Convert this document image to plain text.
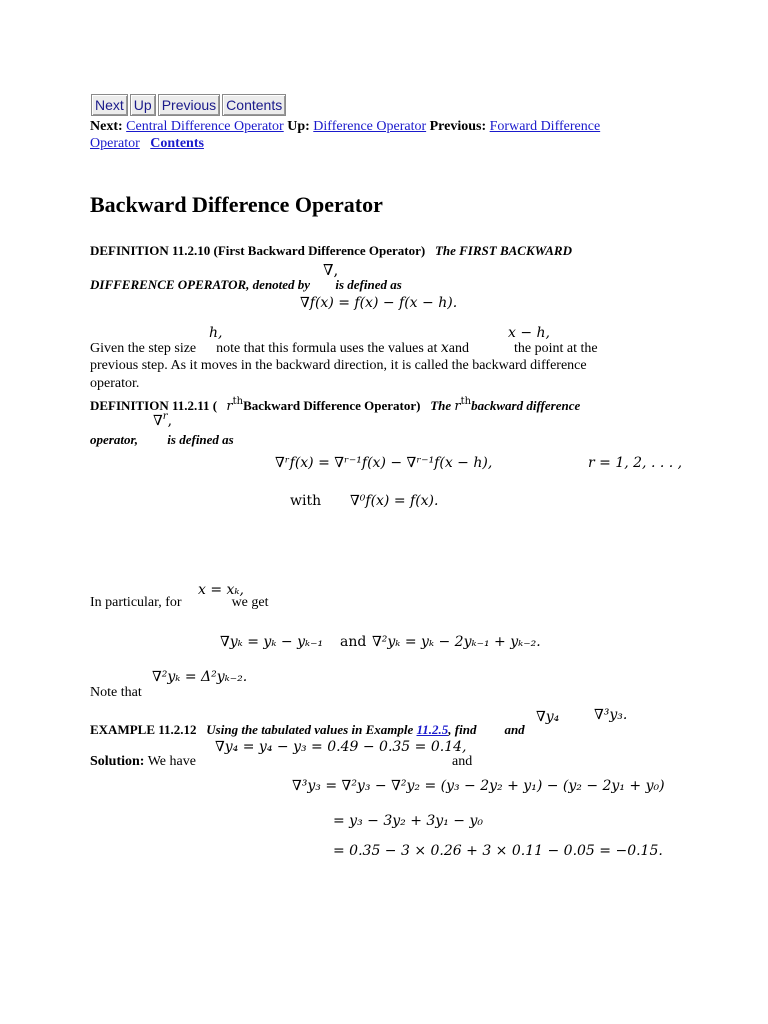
Next Up Previous Contents
Next: Central Difference Operator Up: Difference Operator Previous: Forward Difference
Operator Contents
Backward Difference Operator
DEFINITION 11.2.10 (First Backward Difference Operator) The FIRST BACKWARD
∇,
DIFFERENCE OPERATOR, denoted by is defined as
∇f(x) = f(x) − f(x − h).
h,	x − h,
Given the step size note that this formula uses the values at xand	the point at the
previous step. As it moves in the backward direction, it is called the backward difference
operator.
DEFINITION 11.2.11 ( $r^{th}Backward$ Difference Operator) The $r^{th}backward$ difference
∇$^r$,
operator, is defined as
∇ʳf(x) = ∇ʳ⁻¹f(x) − ∇ʳ⁻¹f(x − h),	r = 1, 2, . . . ,
with ∇⁰f(x) = f(x).
x = xₖ,
In particular, for	we get
∇yₖ = yₖ − yₖ₋₁ and ∇²yₖ = yₖ − 2yₖ₋₁ + yₖ₋₂.
∇²yₖ = Δ²yₖ₋₂.
Note that
∇y₄ ∇³y₃.
EXAMPLE 11.2.12 Using the tabulated values in Example 11.2.5, find and
∇y₄ = y₄ − y₃ = 0.49 − 0.35 = 0.14,
Solution: We have	and
∇³y₃ = ∇²y₃ − ∇²y₂ = (y₃ − 2y₂ + y₁) − (y₂ − 2y₁ + y₀)
= y₃ − 3y₂ + 3y₁ − y₀
= 0.35 − 3 × 0.26 + 3 × 0.11 − 0.05 = −0.15.
